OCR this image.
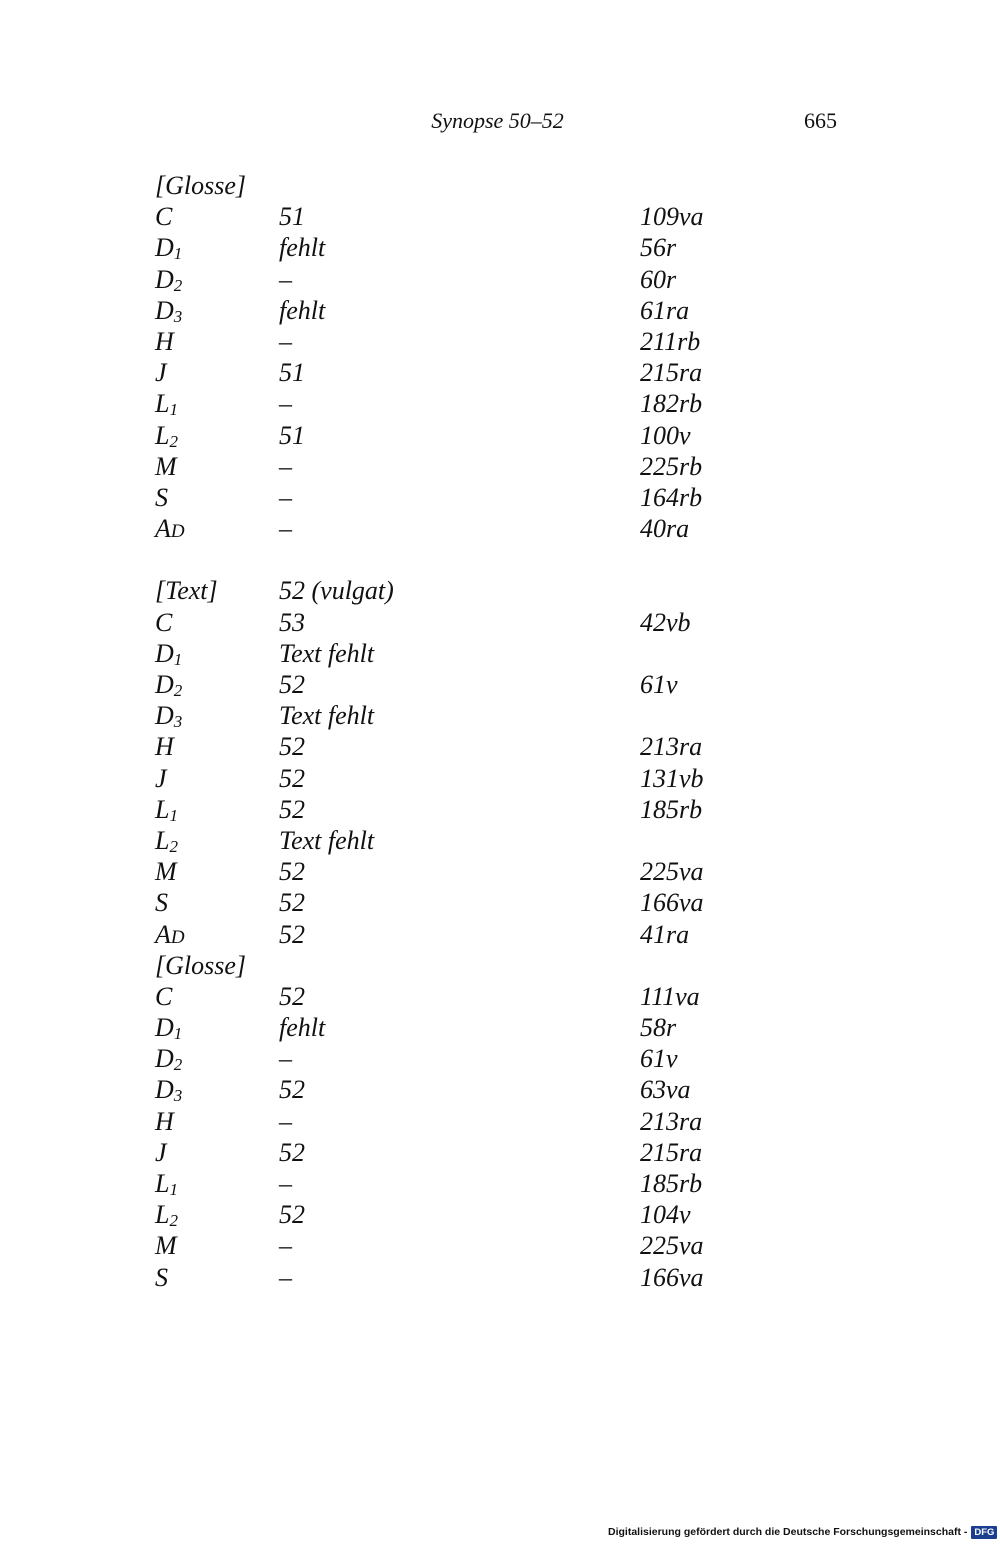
Synopse 50–52	665
[Glosse]
C	51	109va
$D_1$	fehlt	56r
$D_2$	–	60r
$D_3$	fehlt	61ra
H	–	211rb
J	51	215ra
$L_1$	–	182rb
$L_2$	51	100v
M	–	225rb
S	–	164rb
AD	–	40ra
[Text] 52 (vulgat)
C	53	42vb
$D_1$	Text fehlt
$D_2$	52	61v
$D_3$	Text fehlt
H	52	213ra
J	52	131vb
$L_1$	52	185rb
$L_2$	Text fehlt
M	52	225va
S	52	166va
AD	52	41ra
[Glosse]
C	52	111va
$D_1$	fehlt	58r
$D_2$	–	61v
$D_3$	52	63va
H	–	213ra
J	52	215ra
$L_1$	–	185rb
$L_2$	52	104v
M	–	225va
S	–	166va
Digitalisierung gefördert durch die Deutsche Forschungsgemeinschaft - DFG
